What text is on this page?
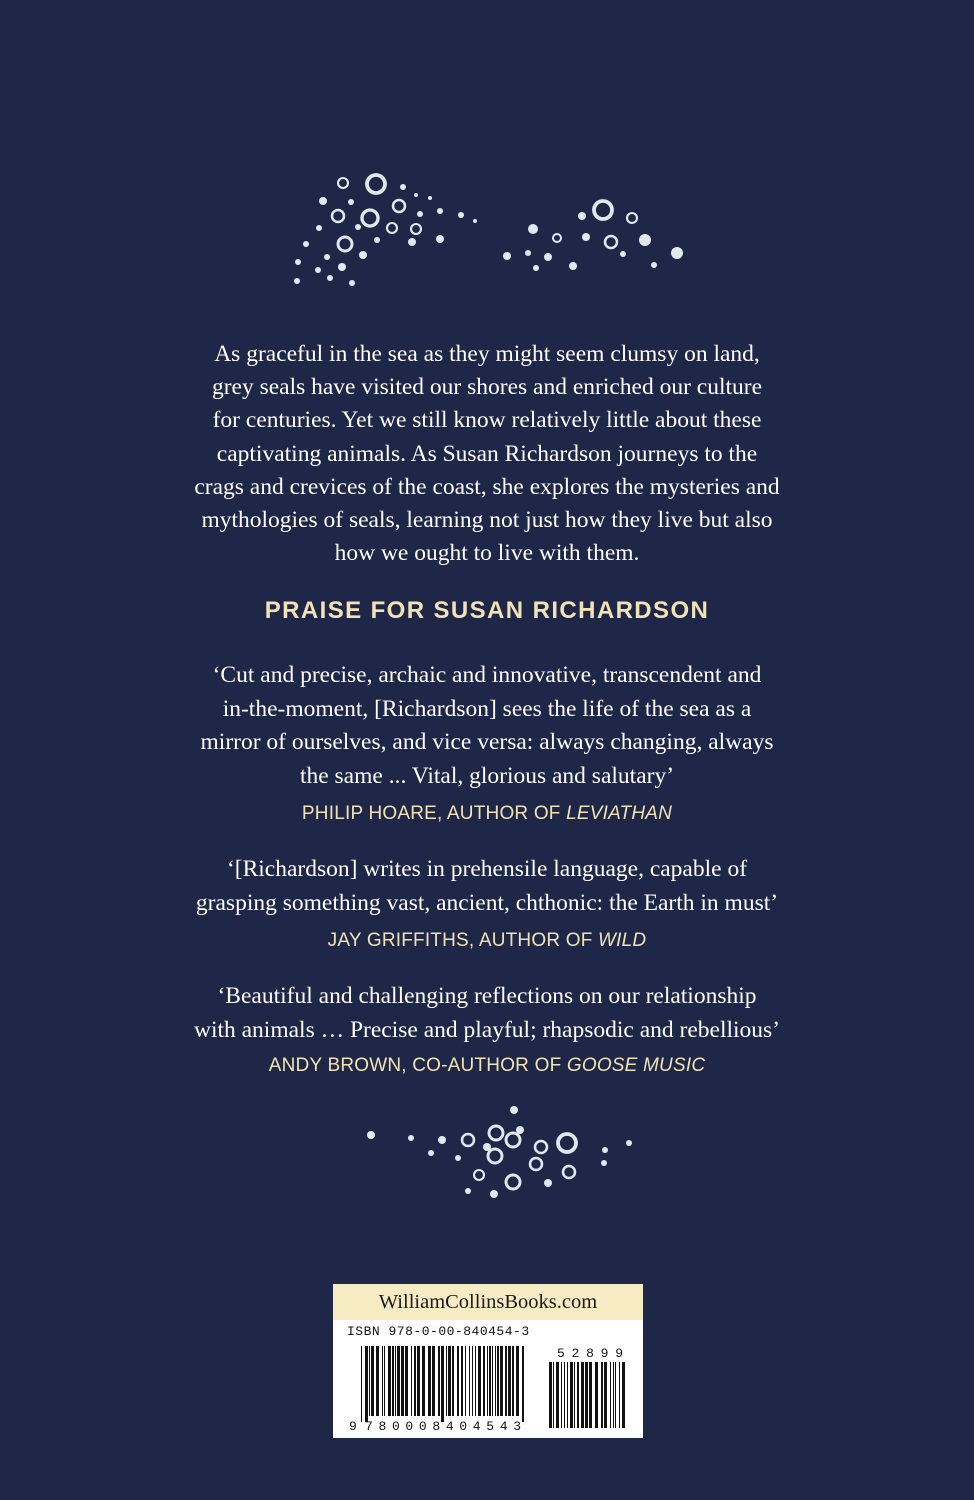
As graceful in the sea as they might seem clumsy on land,
grey seals have visited our shores and enriched our culture
for centuries. Yet we still know relatively little about these
captivating animals. As Susan Richardson journeys to the
crags and crevices of the coast, she explores the mysteries and
mythologies of seals, learning not just how they live but also
how we ought to live with them.

PRAISE FOR SUSAN RICHARDSON

‘Cut and precise, archaic and innovative, transcendent and
in-the-moment, [Richardson] sees the life of the sea as a
mirror of ourselves, and vice versa: always changing, always
the same ... Vital, glorious and salutary’

PHILIP HOARE, AUTHOR OF LEVIATHAN

‘[Richardson] writes in prehensile language, capable of
grasping something vast, ancient, chthonic: the Earth in must’

JAY GRIFFITHS, AUTHOR OF WILD

‘Beautiful and challenging reflections on our relationship
with animals … Precise and playful; rhapsodic and rebellious’

ANDY BROWN, CO-AUTHOR OF GOOSE MUSIC

WilliamCollinsBooks.com
ISBN 978-0-00-840454-3
9 780008404543
52899
